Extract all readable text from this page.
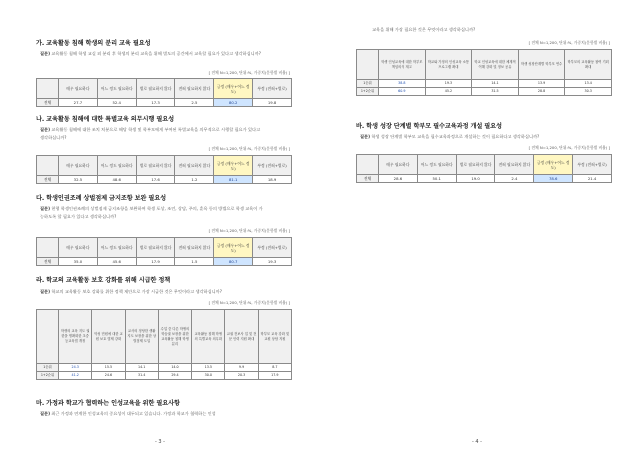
가. 교육활동 침해 학생의 분리 교육 필요성
질문) 교육활동 침해 학생 교실 외 분리 후 학생의 분리 교육을 위해 별도의 공간에서 교육할 필요가 있다고 생각하십니까?
[ 전체 N=1,200, 단위:%, 가중치(문항별 비율) ]
	매우 필요하다	어느 정도 필요하다	별로 필요하지 않다	전혀 필요하지 않다	긍정 (매우+어느 정도)	부정 (전혀+별로)
전체	27.7	52.4	17.3	2.5	80.2	19.8
나. 교육활동 침해에 대한 특별교육 의무시행 필요성
질문) 교육활동 침해에 대한 조치 처분으로 해당 학생 및 학부모에게 부여된 특별교육을 의무적으로 시행할 필요가 있다고 생각하십니까?
[ 전체 N=1,200, 단위:%, 가중치(문항별 비율) ]
	매우 필요하다	어느 정도 필요하다	별로 필요하지 않다	전혀 필요하지 않다	긍정 (매우+어느 정도)	부정 (전혀+별로)
전체	32.5	48.6	17.6	1.2	81.1	18.9
다. 학생인권조례 상벌점제 금지조항 보완 필요성
질문) 현행 학생인권조례의 상벌점제 금지조항을 보완하여 학생 포상, 조언, 상담, 주의, 훈육 등의 방법으로 학생 교육이 가능하도록 할 필요가 있다고 생각하십니까?
[ 전체 N=1,200, 단위:%, 가중치(문항별 비율) ]
	매우 필요하다	어느 정도 필요하다	별로 필요하지 않다	전혀 필요하지 않다	긍정 (매우+어느 정도)	부정 (전혀+별로)
전체	35.0	45.6	17.9	1.5	80.7	19.3
라. 학교의 교육활동 보호 강화를 위해 시급한 정책
질문) 학교의 교육활동 보호 강화를 위한 정책 제안으로 가장 시급한 것은 무엇이라고 생각하십니까?
[ 전체 N=1,200, 단위:%, 가중치(문항별 비율) ]
	학생의 교육 지도 권한을 명확화한 초중등교육법 개정	악성 민원에 대한 교원 보호 법제 강화	교사의 정당한 생활지도 보장을 위한 상벌점제 도입	수업 중 다른 학생의 학습권 보장을 위한 교육활동 침해 학생 분리	교육활동 침해 학생의 특별교육 의무화	교권 전보사 업 및 전문 인력 지원 확대	학부모 교육 강화 및 교원 상담 지원
1순위	24.3	15.5	14.1	14.0	13.5	9.9	8.7
1+2순위	41.2	24.6	31.4	29.4	30.0	20.3	17.9
마. 가정과 학교가 협력하는 인성교육을 위한 필요사항
질문) 최근 가정과 연계한 인성교육의 중요성이 대두되고 있습니다. 가정과 학교가 협력하는 인성
- 3 -
교육을 위해 가장 필요한 것은 무엇이라고 생각하십니까?
[ 전체 N=1,200, 단위:%, 가중치(문항별 비율) ]
	학생 인성교육에 대한 학부모 책임의식 재고	학교와 가정의 인성교육 소통 프로그램 확대	학교 인성교육에 대한 체계적 이해 강화 및 정보 공유	학생 성장단계별 학부모 연수	학부모의 교육활동 참여 기회 확대
1순위	38.8	19.3	14.1	13.9	13.4
1+2순위	60.9	45.2	31.5	28.8	30.3
바. 학생 성장 단계별 학부모 필수교육과정 개설 필요성
질문) 학생 성장 단계별 학부모 교육을 필수교육과정으로 개설하는 것이 필요하다고 생각하십니까?
[ 전체 N=1,200, 단위:%, 가중치(문항별 비율) ]
	매우 필요하다	어느 정도 필요하다	별로 필요하지 않다	전혀 필요하지 않다	긍정 (매우+어느 정도)	부정 (전혀+별로)
전체	28.6	50.1	19.0	2.4	78.6	21.4
- 4 -
